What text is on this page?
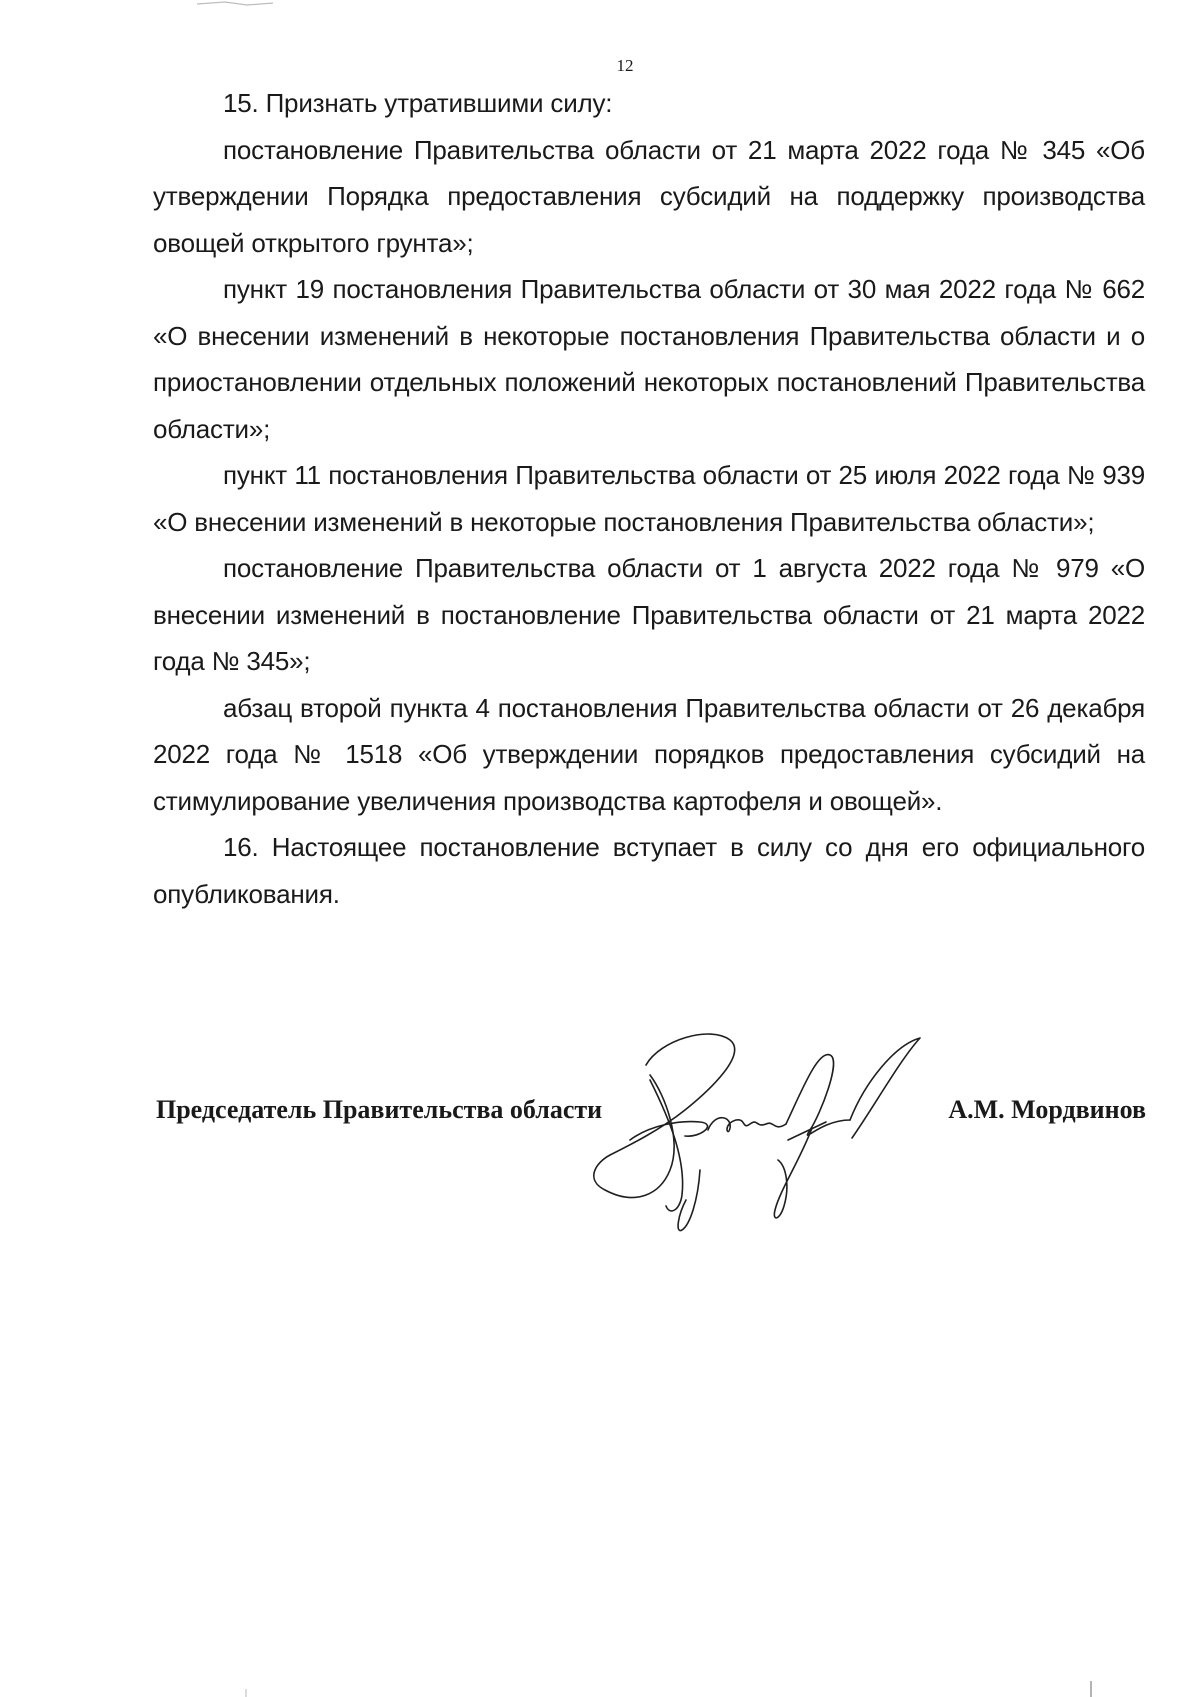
12

15. Признать утратившими силу:

постановление Правительства области от 21 марта 2022 года № 345 «Об утверждении Порядка предоставления субсидий на поддержку производства овощей открытого грунта»;

пункт 19 постановления Правительства области от 30 мая 2022 года № 662 «О внесении изменений в некоторые постановления Правительства области и о приостановлении отдельных положений некоторых постановлений Правительства области»;

пункт 11 постановления Правительства области от 25 июля 2022 года № 939 «О внесении изменений в некоторые постановления Правительства области»;

постановление Правительства области от 1 августа 2022 года № 979 «О внесении изменений в постановление Правительства области от 21 марта 2022 года № 345»;

абзац второй пункта 4 постановления Правительства области от 26 декабря 2022 года № 1518 «Об утверждении порядков предоставления субсидий на стимулирование увеличения производства картофеля и овощей».

16. Настоящее постановление вступает в силу со дня его официального опубликования.

Председатель Правительства области	А.М. Мордвинов
